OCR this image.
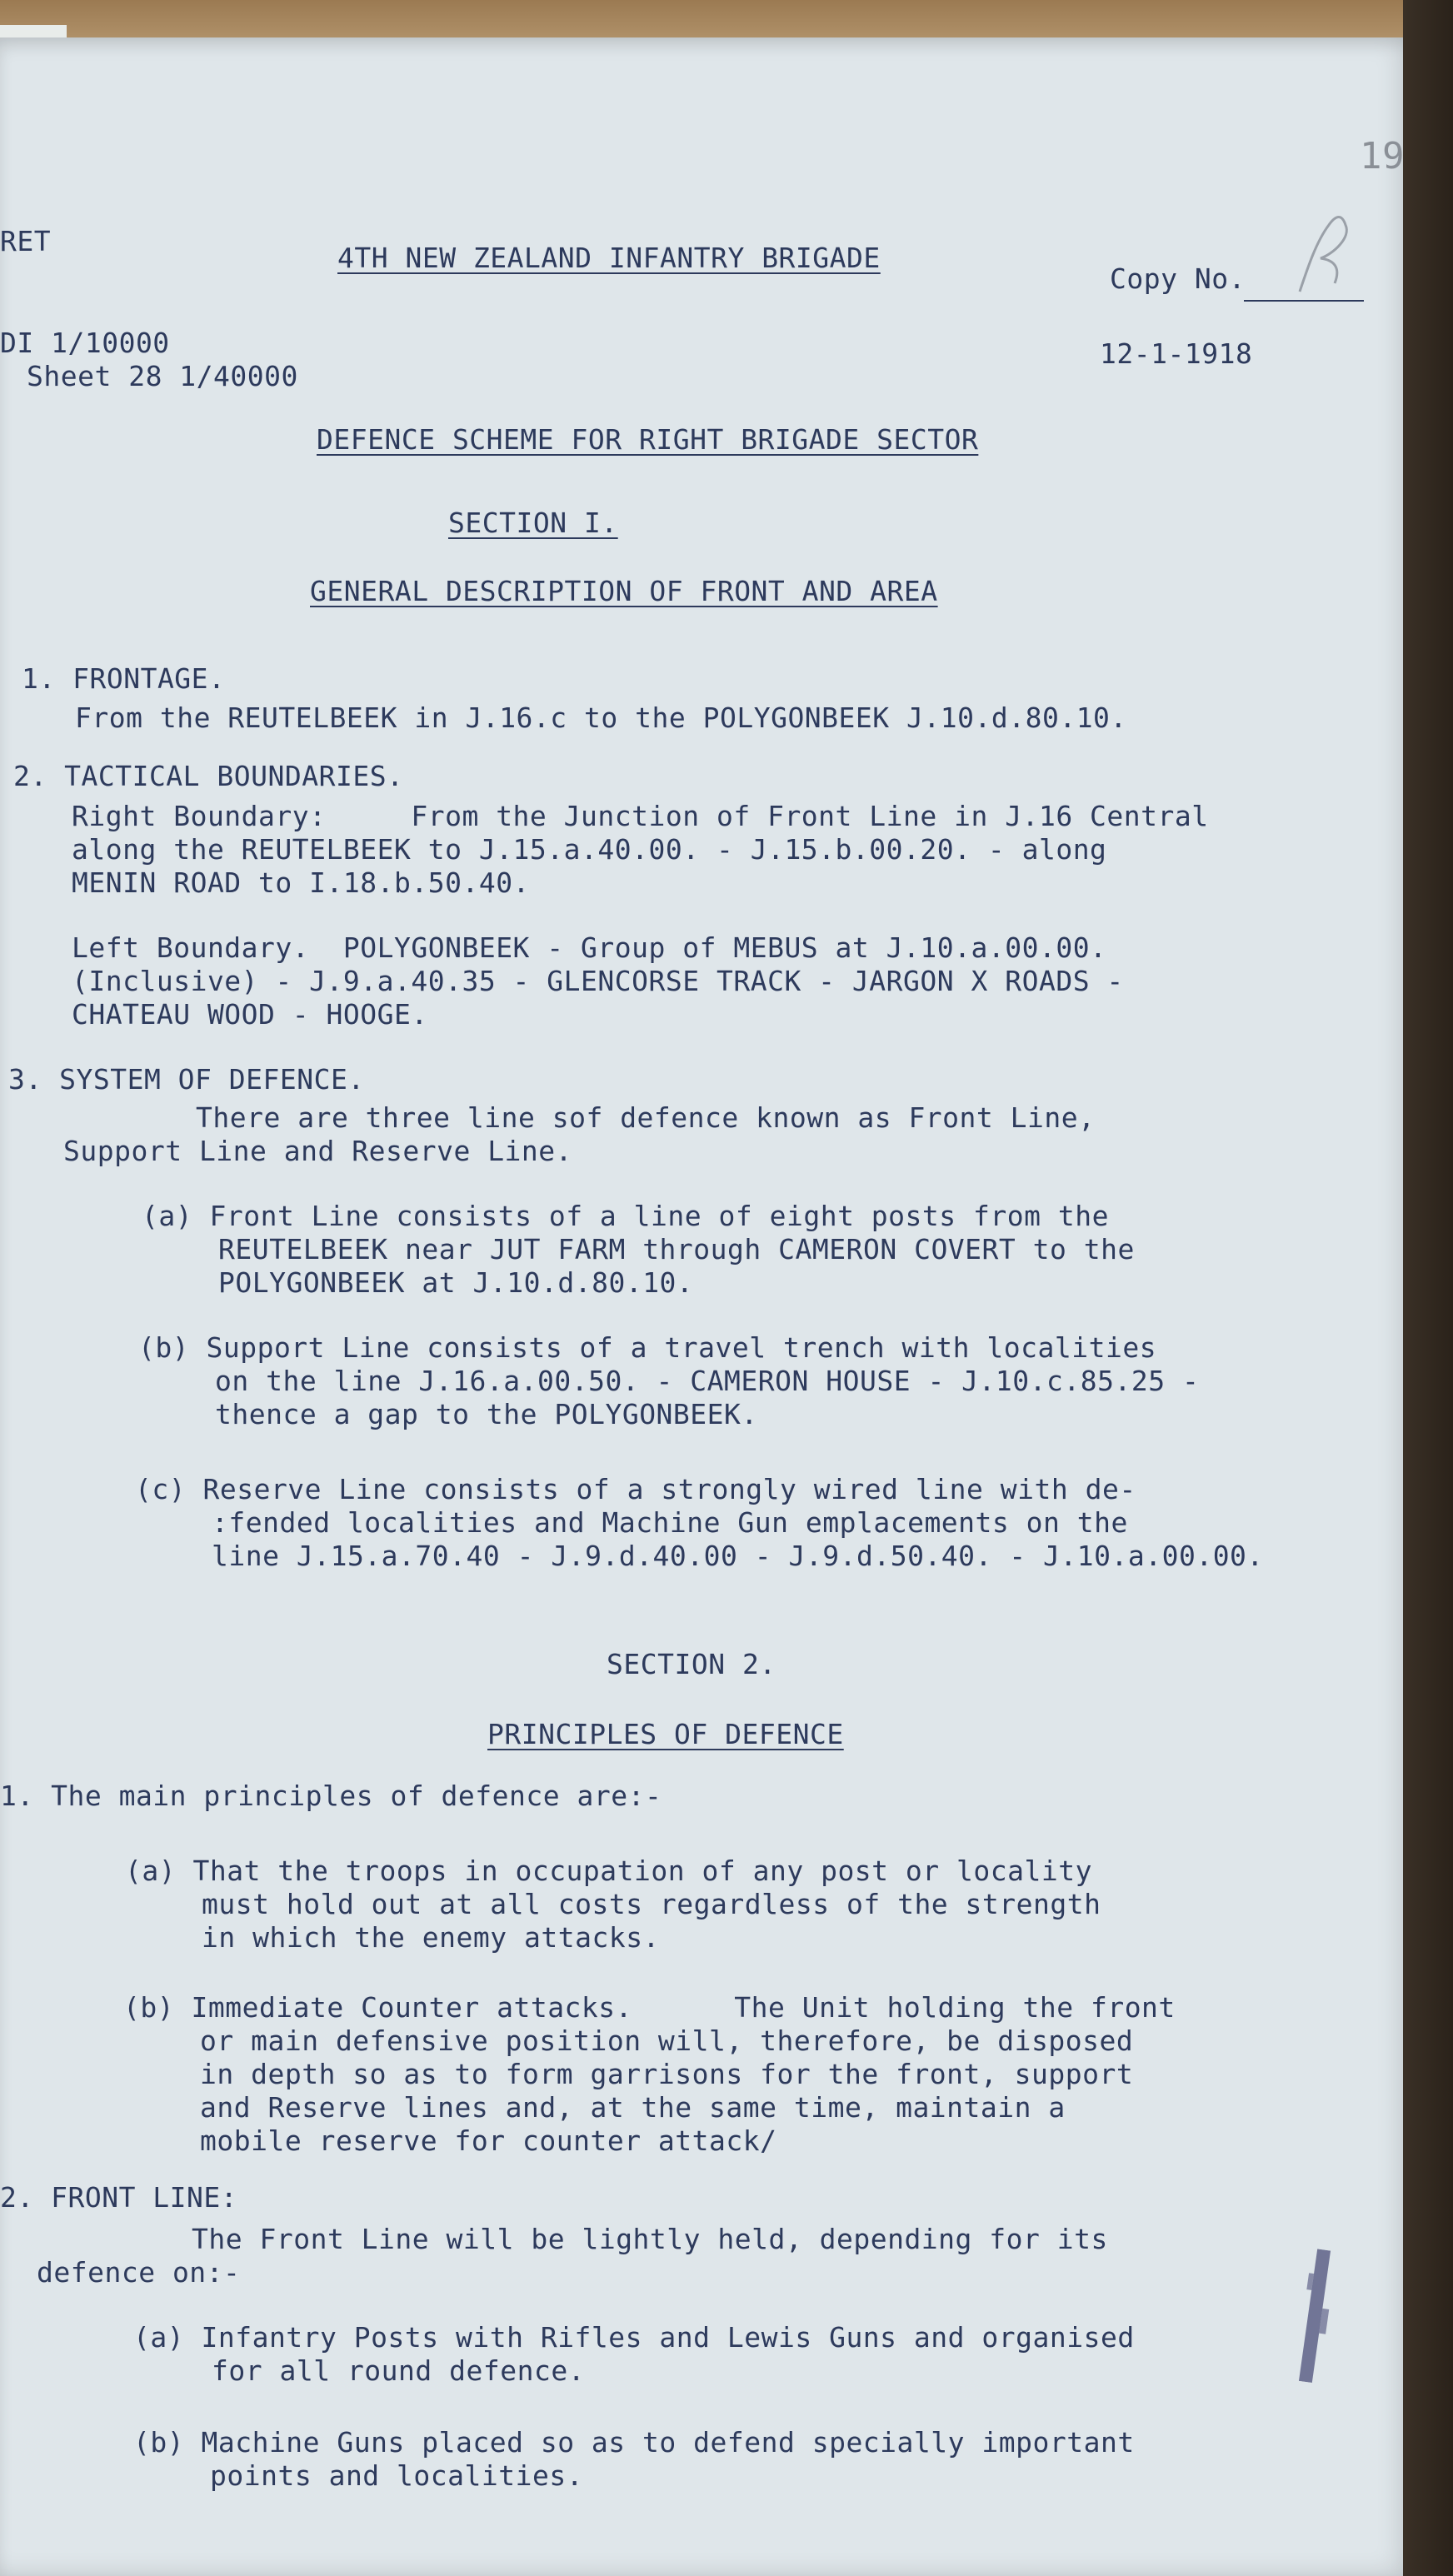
19
RET
4TH NEW ZEALAND INFANTRY BRIGADE
Copy No.
DI 1/10000
Sheet 28 1/40000
12-1-1918
DEFENCE SCHEME FOR RIGHT BRIGADE SECTOR
SECTION I.
GENERAL DESCRIPTION OF FRONT AND AREA
1. FRONTAGE.
From the REUTELBEEK in J.16.c to the POLYGONBEEK J.10.d.80.10.
2. TACTICAL BOUNDARIES.
Right Boundary:     From the Junction of Front Line in J.16 Central
along the REUTELBEEK to J.15.a.40.00. - J.15.b.00.20. - along
MENIN ROAD to I.18.b.50.40.
Left Boundary.  POLYGONBEEK - Group of MEBUS at J.10.a.00.00.
(Inclusive) - J.9.a.40.35 - GLENCORSE TRACK - JARGON X ROADS -
CHATEAU WOOD - HOOGE.
3. SYSTEM OF DEFENCE.
There are three line sof defence known as Front Line,
Support Line and Reserve Line.
(a) Front Line consists of a line of eight posts from the
REUTELBEEK near JUT FARM through CAMERON COVERT to the
POLYGONBEEK at J.10.d.80.10.
(b) Support Line consists of a travel trench with localities
on the line J.16.a.00.50. - CAMERON HOUSE - J.10.c.85.25 -
thence a gap to the POLYGONBEEK.
(c) Reserve Line consists of a strongly wired line with de-
:fended localities and Machine Gun emplacements on the
line J.15.a.70.40 - J.9.d.40.00 - J.9.d.50.40. - J.10.a.00.00.
SECTION 2.
PRINCIPLES OF DEFENCE
1. The main principles of defence are:-
(a) That the troops in occupation of any post or locality
must hold out at all costs regardless of the strength
in which the enemy attacks.
(b) Immediate Counter attacks.      The Unit holding the front
or main defensive position will, therefore, be disposed
in depth so as to form garrisons for the front, support
and Reserve lines and, at the same time, maintain a
mobile reserve for counter attack/
2. FRONT LINE:
The Front Line will be lightly held, depending for its
defence on:-
(a) Infantry Posts with Rifles and Lewis Guns and organised
for all round defence.
(b) Machine Guns placed so as to defend specially important
points and localities.
